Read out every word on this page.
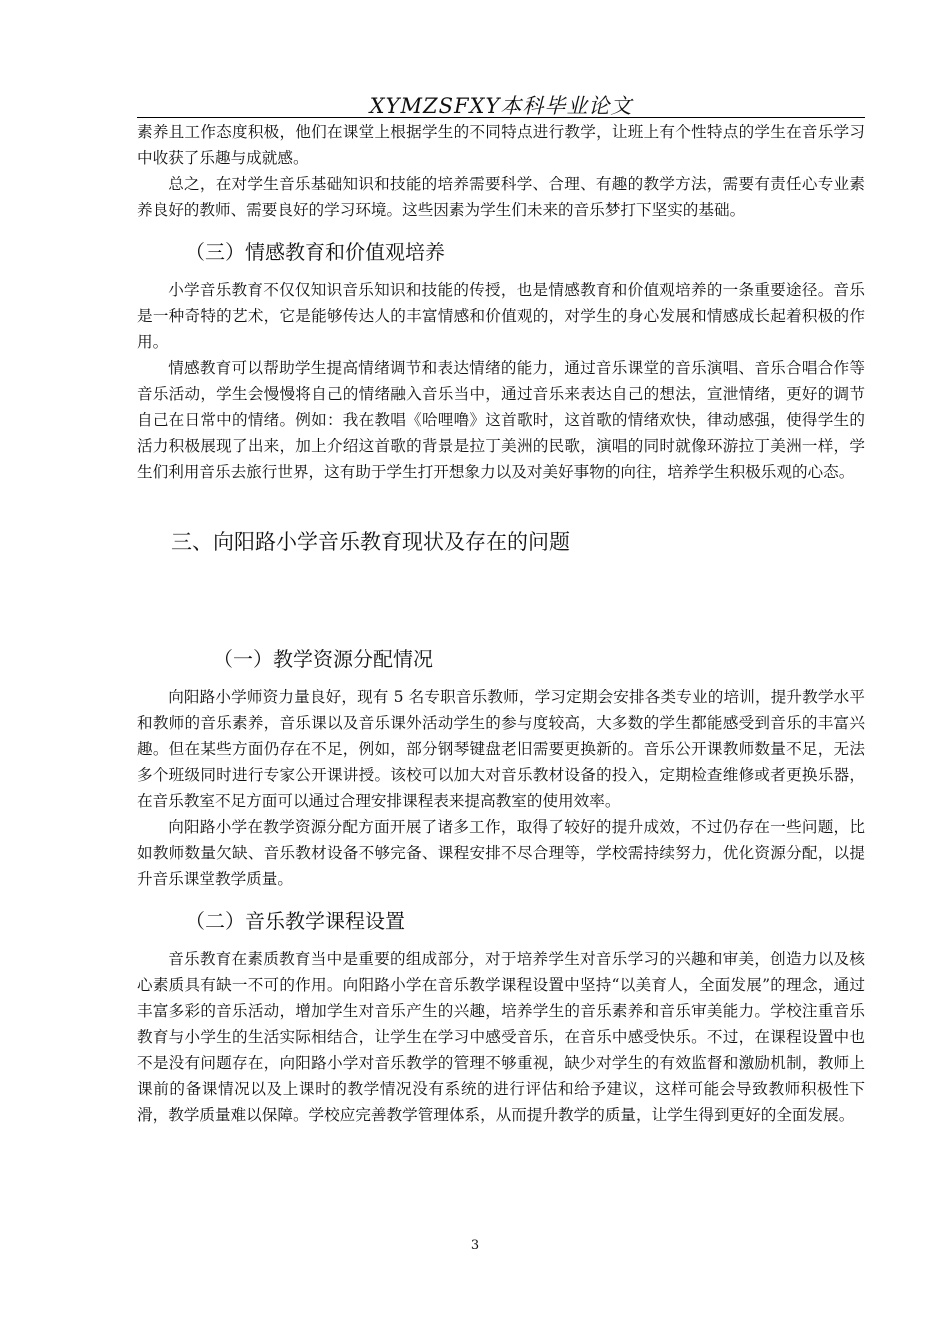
XYMZSFXY本科毕业论文

素养且工作态度积极，他们在课堂上根据学生的不同特点进行教学，让班上有个性特点的学生在音乐学习中收获了乐趣与成就感。

总之，在对学生音乐基础知识和技能的培养需要科学、合理、有趣的教学方法，需要有责任心专业素养良好的教师、需要良好的学习环境。这些因素为学生们未来的音乐梦打下坚实的基础。

（三）情感教育和价值观培养

小学音乐教育不仅仅知识音乐知识和技能的传授，也是情感教育和价值观培养的一条重要途径。音乐是一种奇特的艺术，它是能够传达人的丰富情感和价值观的，对学生的身心发展和情感成长起着积极的作用。

情感教育可以帮助学生提高情绪调节和表达情绪的能力，通过音乐课堂的音乐演唱、音乐合唱合作等音乐活动，学生会慢慢将自己的情绪融入音乐当中，通过音乐来表达自己的想法，宣泄情绪，更好的调节自己在日常中的情绪。例如：我在教唱《哈哩噜》这首歌时，这首歌的情绪欢快，律动感强，使得学生的活力积极展现了出来，加上介绍这首歌的背景是拉丁美洲的民歌，演唱的同时就像环游拉丁美洲一样，学生们利用音乐去旅行世界，这有助于学生打开想象力以及对美好事物的向往，培养学生积极乐观的心态。

三、向阳路小学音乐教育现状及存在的问题
（一）教学资源分配情况

向阳路小学师资力量良好，现有 5 名专职音乐教师，学习定期会安排各类专业的培训，提升教学水平和教师的音乐素养，音乐课以及音乐课外活动学生的参与度较高，大多数的学生都能感受到音乐的丰富兴趣。但在某些方面仍存在不足，例如，部分钢琴键盘老旧需要更换新的。音乐公开课教师数量不足，无法多个班级同时进行专家公开课讲授。该校可以加大对音乐教材设备的投入，定期检查维修或者更换乐器，在音乐教室不足方面可以通过合理安排课程表来提高教室的使用效率。

向阳路小学在教学资源分配方面开展了诸多工作，取得了较好的提升成效，不过仍存在一些问题，比如教师数量欠缺、音乐教材设备不够完备、课程安排不尽合理等，学校需持续努力，优化资源分配，以提升音乐课堂教学质量。

（二）音乐教学课程设置

音乐教育在素质教育当中是重要的组成部分，对于培养学生对音乐学习的兴趣和审美，创造力以及核心素质具有缺一不可的作用。向阳路小学在音乐教学课程设置中坚持“以美育人，全面发展”的理念，通过丰富多彩的音乐活动，增加学生对音乐产生的兴趣，培养学生的音乐素养和音乐审美能力。学校注重音乐教育与小学生的生活实际相结合，让学生在学习中感受音乐，在音乐中感受快乐。不过，在课程设置中也不是没有问题存在，向阳路小学对音乐教学的管理不够重视，缺少对学生的有效监督和激励机制，教师上课前的备课情况以及上课时的教学情况没有系统的进行评估和给予建议，这样可能会导致教师积极性下滑，教学质量难以保障。学校应完善教学管理体系，从而提升教学的质量，让学生得到更好的全面发展。

3
